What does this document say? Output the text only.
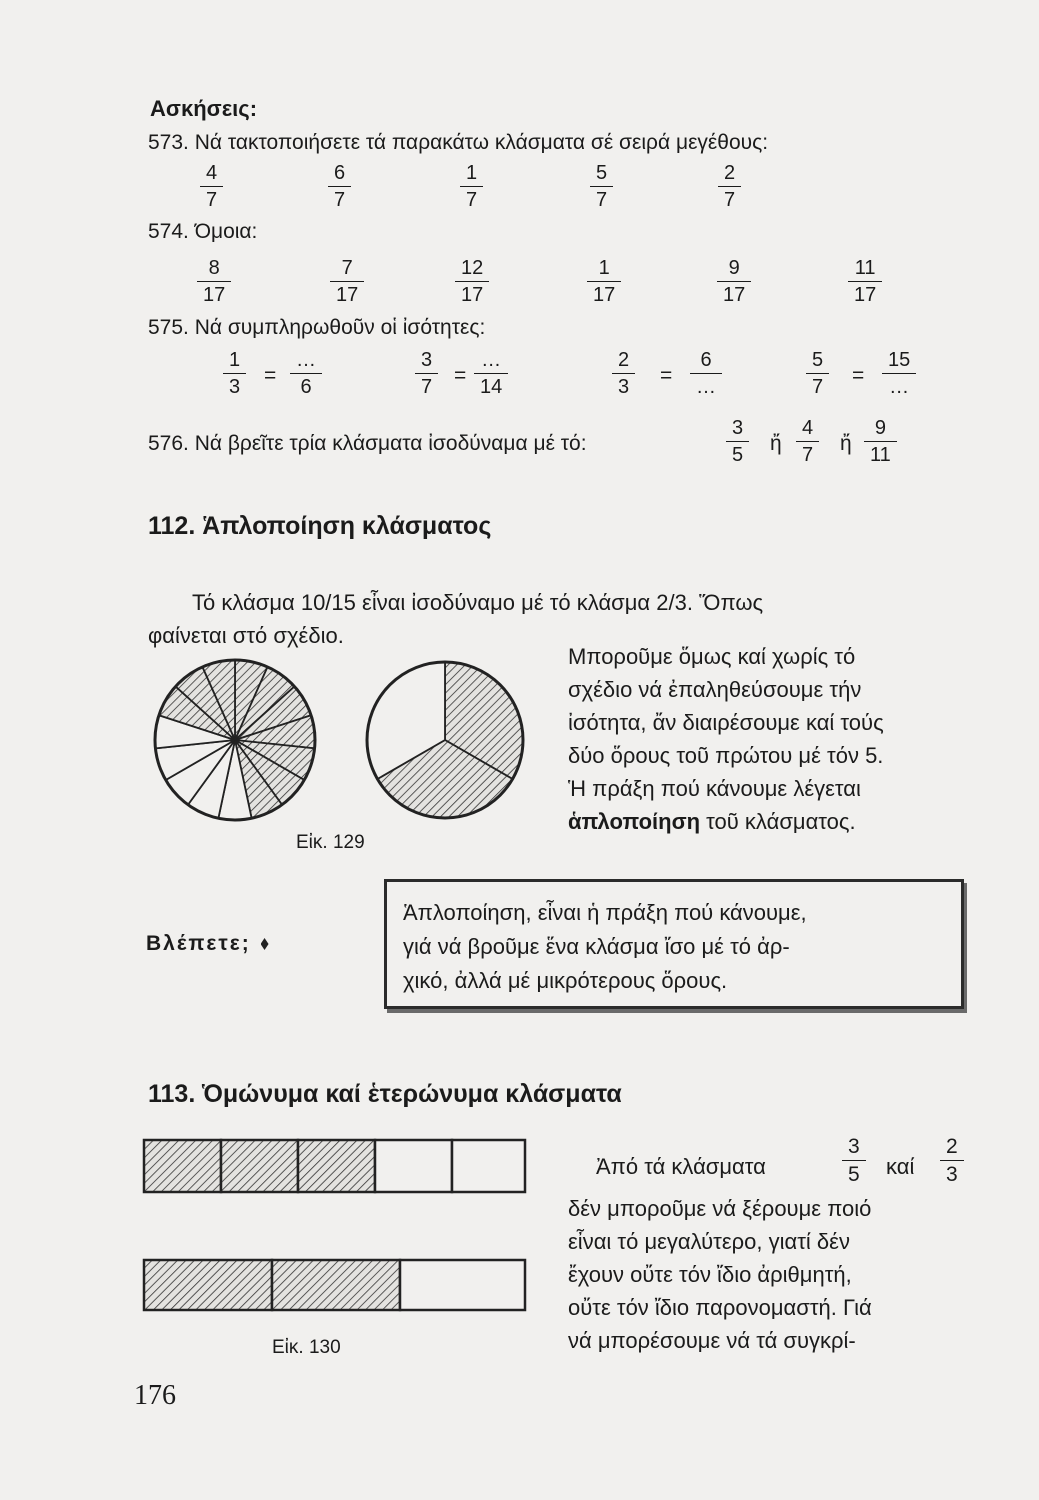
Ασκήσεις:
573. Νά τακτοποιήσετε τά παρακάτω κλάσματα σέ σειρά μεγέθους:
4
7
6
7
1
7
5
7
2
7
574. Όμοια:
8
17
7
17
12
17
1
17
9
17
11
17
575. Νά συμπληρωθοῦν οἱ ἰσότητες:
1
3 =
…
6
3
7 =
…
14
2
3 =
6
…
5
7 =
15
…
576. Νά βρεῖτε τρία κλάσματα ἰσοδύναμα μέ τό:
3
5 ἤ
4
7 ἤ
9
11
112. Ἁπλοποίηση κλάσματος
Τό κλάσμα 10/15 εἶναι ἰσοδύναμο μέ τό κλάσμα 2/3. Ὅπως
φαίνεται στό σχέδιο.
Εἰκ. 129
Μποροῦμε ὅμως καί χωρίς τό
σχέδιο νά ἐπαληθεύσουμε τήν
ἰσότητα, ἄν διαιρέσουμε καί τούς
δύο ὅρους τοῦ πρώτου μέ τόν 5.
Ἡ πράξη πού κάνουμε λέγεται
ἁπλοποίηση τοῦ κλάσματος.
Βλέπετε;
Ἁπλοποίηση, εἶναι ἡ πράξη πού κάνουμε,
γιά νά βροῦμε ἕνα κλάσμα ἴσο μέ τό ἀρ-
χικό, ἀλλά μέ μικρότερους ὅρους.
113. Ὁμώνυμα καί ἑτερώνυμα κλάσματα
Εἰκ. 130
Ἀπό τά κλάσματα
3
5 καί
2
3
δέν μποροῦμε νά ξέρουμε ποιό
εἶναι τό μεγαλύτερο, γιατί δέν
ἔχουν οὔτε τόν ἴδιο ἀριθμητή,
οὔτε τόν ἴδιο παρονομαστή. Γιά
νά μπορέσουμε νά τά συγκρί-
176
